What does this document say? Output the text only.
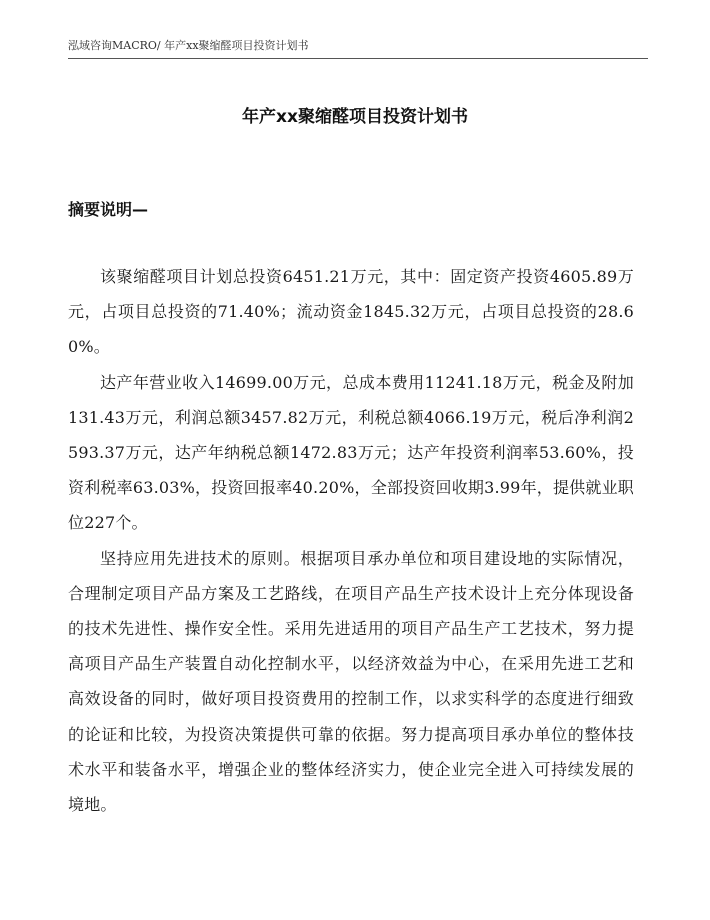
泓域咨询MACRO/ 年产xx聚缩醛项目投资计划书
年产xx聚缩醛项目投资计划书
摘要说明—

该聚缩醛项目计划总投资6451.21万元，其中：固定资产投资4605.89万元，占项目总投资的71.40%；流动资金1845.32万元，占项目总投资的28.60%。

达产年营业收入14699.00万元，总成本费用11241.18万元，税金及附加131.43万元，利润总额3457.82万元，利税总额4066.19万元，税后净利润2593.37万元，达产年纳税总额1472.83万元；达产年投资利润率53.60%，投资利税率63.03%，投资回报率40.20%，全部投资回收期3.99年，提供就业职位227个。

坚持应用先进技术的原则。根据项目承办单位和项目建设地的实际情况，合理制定项目产品方案及工艺路线，在项目产品生产技术设计上充分体现设备的技术先进性、操作安全性。采用先进适用的项目产品生产工艺技术，努力提高项目产品生产装置自动化控制水平，以经济效益为中心，在采用先进工艺和高效设备的同时，做好项目投资费用的控制工作，以求实科学的态度进行细致的论证和比较，为投资决策提供可靠的依据。努力提高项目承办单位的整体技术水平和装备水平，增强企业的整体经济实力，使企业完全进入可持续发展的境地。
